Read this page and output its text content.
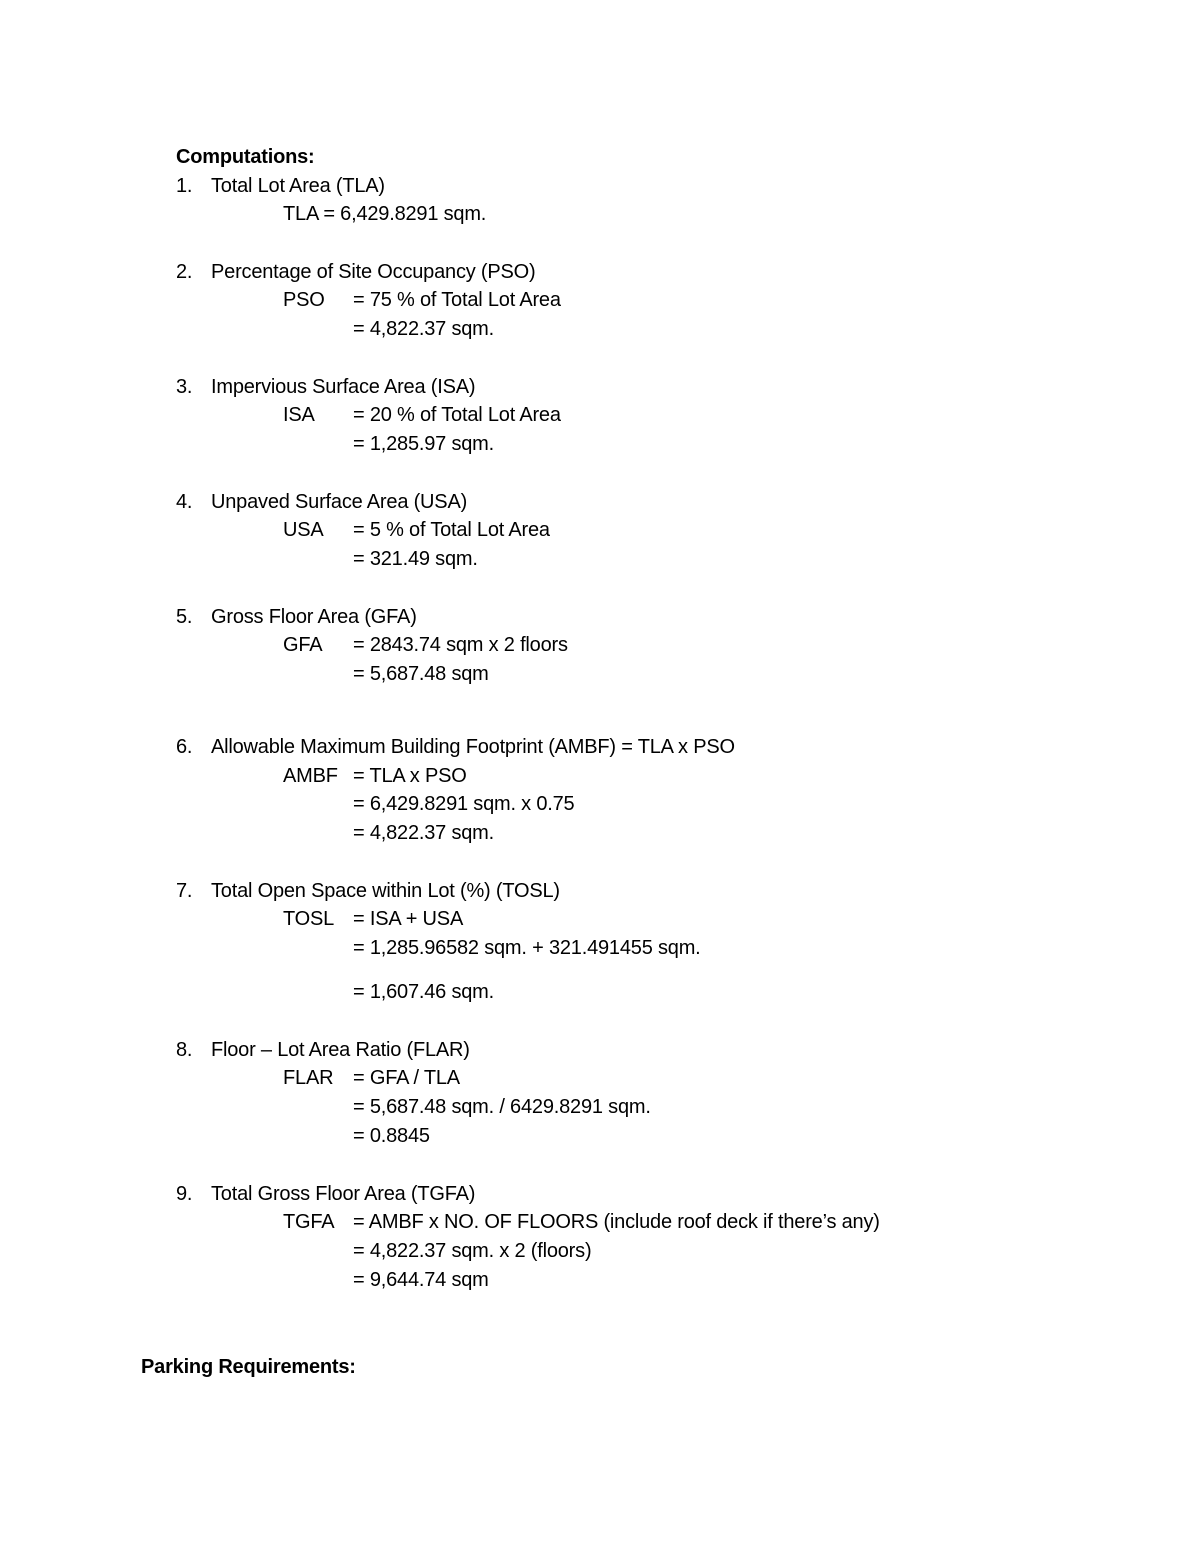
Computations:
1. Total Lot Area (TLA)
TLA = 6,429.8291 sqm.
2. Percentage of Site Occupancy (PSO)
PSO = 75 % of Total Lot Area
= 4,822.37 sqm.
3. Impervious Surface Area (ISA)
ISA = 20 % of Total Lot Area
= 1,285.97 sqm.
4. Unpaved Surface Area (USA)
USA = 5 % of Total Lot Area
= 321.49 sqm.
5. Gross Floor Area (GFA)
GFA = 2843.74 sqm x 2 floors
= 5,687.48 sqm
6. Allowable Maximum Building Footprint (AMBF) = TLA x PSO
AMBF = TLA x PSO
= 6,429.8291 sqm. x 0.75
= 4,822.37 sqm.
7. Total Open Space within Lot (%) (TOSL)
TOSL = ISA + USA
= 1,285.96582 sqm. + 321.491455 sqm.
= 1,607.46 sqm.
8. Floor – Lot Area Ratio (FLAR)
FLAR = GFA / TLA
= 5,687.48 sqm. / 6429.8291 sqm.
= 0.8845
9. Total Gross Floor Area (TGFA)
TGFA = AMBF x NO. OF FLOORS (include roof deck if there’s any)
= 4,822.37 sqm. x 2 (floors)
= 9,644.74 sqm
Parking Requirements:
